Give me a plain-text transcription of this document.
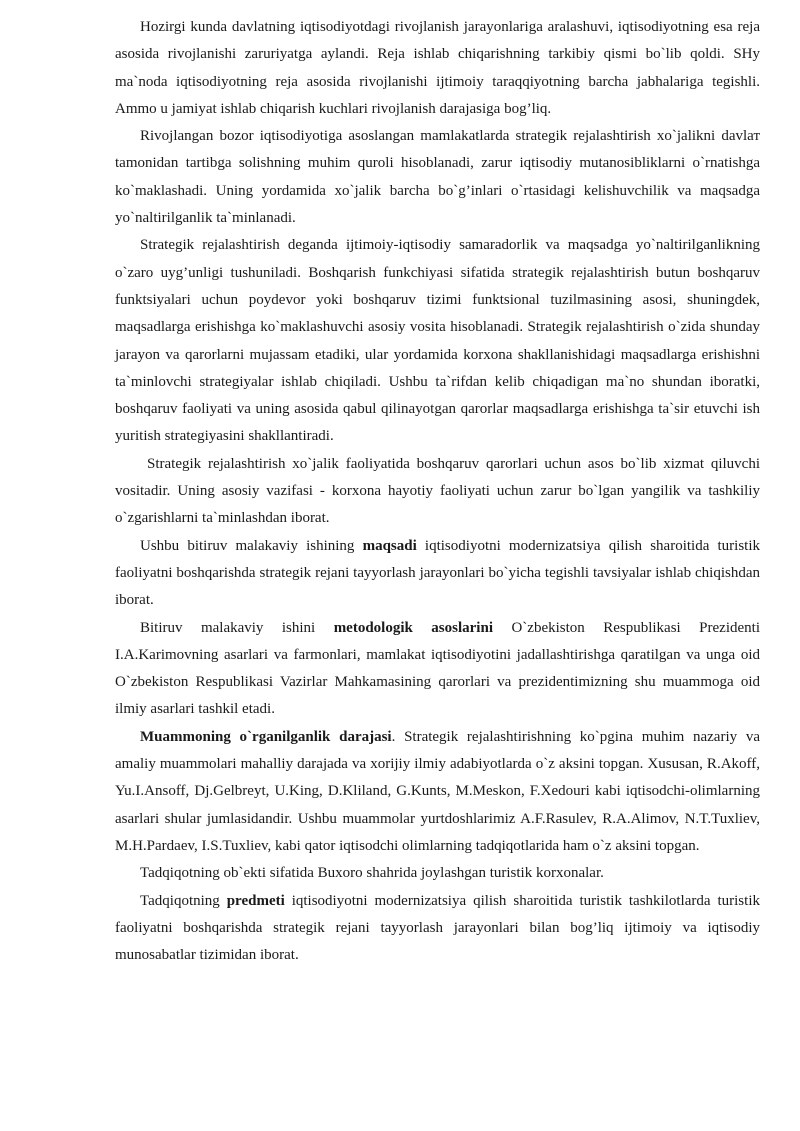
Hozirgi kunda davlatning iqtisodiyotdagi rivojlanish jarayonlariga aralashuvi, iqtisodiyotning esa reja asosida rivojlanishi zaruriyatga aylandi. Reja ishlab chiqarishning tarkibiy qismi bo`lib qoldi. SHy ma`noda iqtisodiyotning reja asosida rivojlanishi ijtimoiy taraqqiyotning barcha jabhalariga tegishli. Ammo u jamiyat ishlab chiqarish kuchlari rivojlanish darajasiga bog’liq.

Rivojlangan bozor iqtisodiyotiga asoslangan mamlakatlarda strategik rejalashtirish xo`jalikni davlат tamonidan tartibga solishning muhim quroli hisoblanadi, zarur iqtisodiy mutanosibliklarni o`rnatishga ko`maklashadi. Uning yordamida xo`jalik barcha bo`g’inlari o`rtasidagi kelishuvchilik va maqsadga yo`naltirilganlik ta`minlanadi.

Strategik rejalashtirish deganda ijtimoiy-iqtisodiy samaradorlik va maqsadga yo`naltirilganlikning o`zaro uyg’unligi tushuniladi. Boshqarish funkchiyasi sifatida strategik rejalashtirish butun boshqaruv funktsiyalari uchun poydevor yoki boshqaruv tizimi funktsional tuzilmasining asosi, shuningdek, maqsadlarga erishishga ko`maklashuvchi asosiy vosita hisoblanadi. Strategik rejalashtirish o`zida shunday jarayon va qarorlarni mujassam etadiki, ular yordamida korxona shakllanishidagi maqsadlarga erishishni ta`minlovchi strategiyalar ishlab chiqiladi. Ushbu ta`rifdan kelib chiqadigan ma`no shundan iboratki, boshqaruv faoliyati va uning asosida qabul qilinayotgan qarorlar maqsadlarga erishishga ta`sir etuvchi ish yuritish strategiyasini shakllantiradi.

Strategik rejalashtirish xo`jalik faoliyatida boshqaruv qarorlari uchun asos bo`lib xizmat qiluvchi vositadir. Uning asosiy vazifasi - korxona hayotiy faoliyati uchun zarur bo`lgan yangilik va tashkiliy o`zgarishlarni ta`minlashdan iborat.

Ushbu bitiruv malakaviy ishining maqsadi iqtisodiyotni modernizatsiya qilish sharoitida turistik faoliyatni boshqarishda strategik rejani tayyorlash jarayonlari bo`yicha tegishli tavsiyalar ishlab chiqishdan iborat.

Bitiruv malakaviy ishini metodologik asoslarini O`zbekiston Respublikasi Prezidenti I.A.Karimovning asarlari va farmonlari, mamlakat iqtisodiyotini jadallashtirishga qaratilgan va unga oid O`zbekiston Respublikasi Vazirlar Mahkamasining qarorlari va prezidentimizning shu muammoga oid ilmiy asarlari tashkil etadi.

Muammoning o`rganilganlik darajasi. Strategik rejalashtirishning ko`pgina muhim nazariy va amaliy muammolari mahalliy darajada va xorijiy ilmiy adabiyotlarda o`z aksini topgan. Xususan, R.Akoff, Yu.I.Ansoff, Dj.Gelbreyt, U.King, D.Kliland, G.Kunts, M.Meskon, F.Xedouri kabi iqtisodchi-olimlarning asarlari shular jumlasidandir. Ushbu muammolar yurtdoshlarimiz A.F.Rasulev, R.A.Alimov, N.T.Tuxliev, M.H.Pardaev, I.S.Tuxliev, kabi qator iqtisodchi olimlarning tadqiqotlarida ham o`z aksini topgan.

Tadqiqotning ob`ekti sifatida Buxoro shahrida joylashgan turistik korxonalar.

Tadqiqotning predmeti iqtisodiyotni modernizatsiya qilish sharoitida turistik tashkilotlarda turistik faoliyatni boshqarishda strategik rejani tayyorlash jarayonlari bilan bog’liq ijtimoiy va iqtisodiy munosabatlar tizimidan iborat.
